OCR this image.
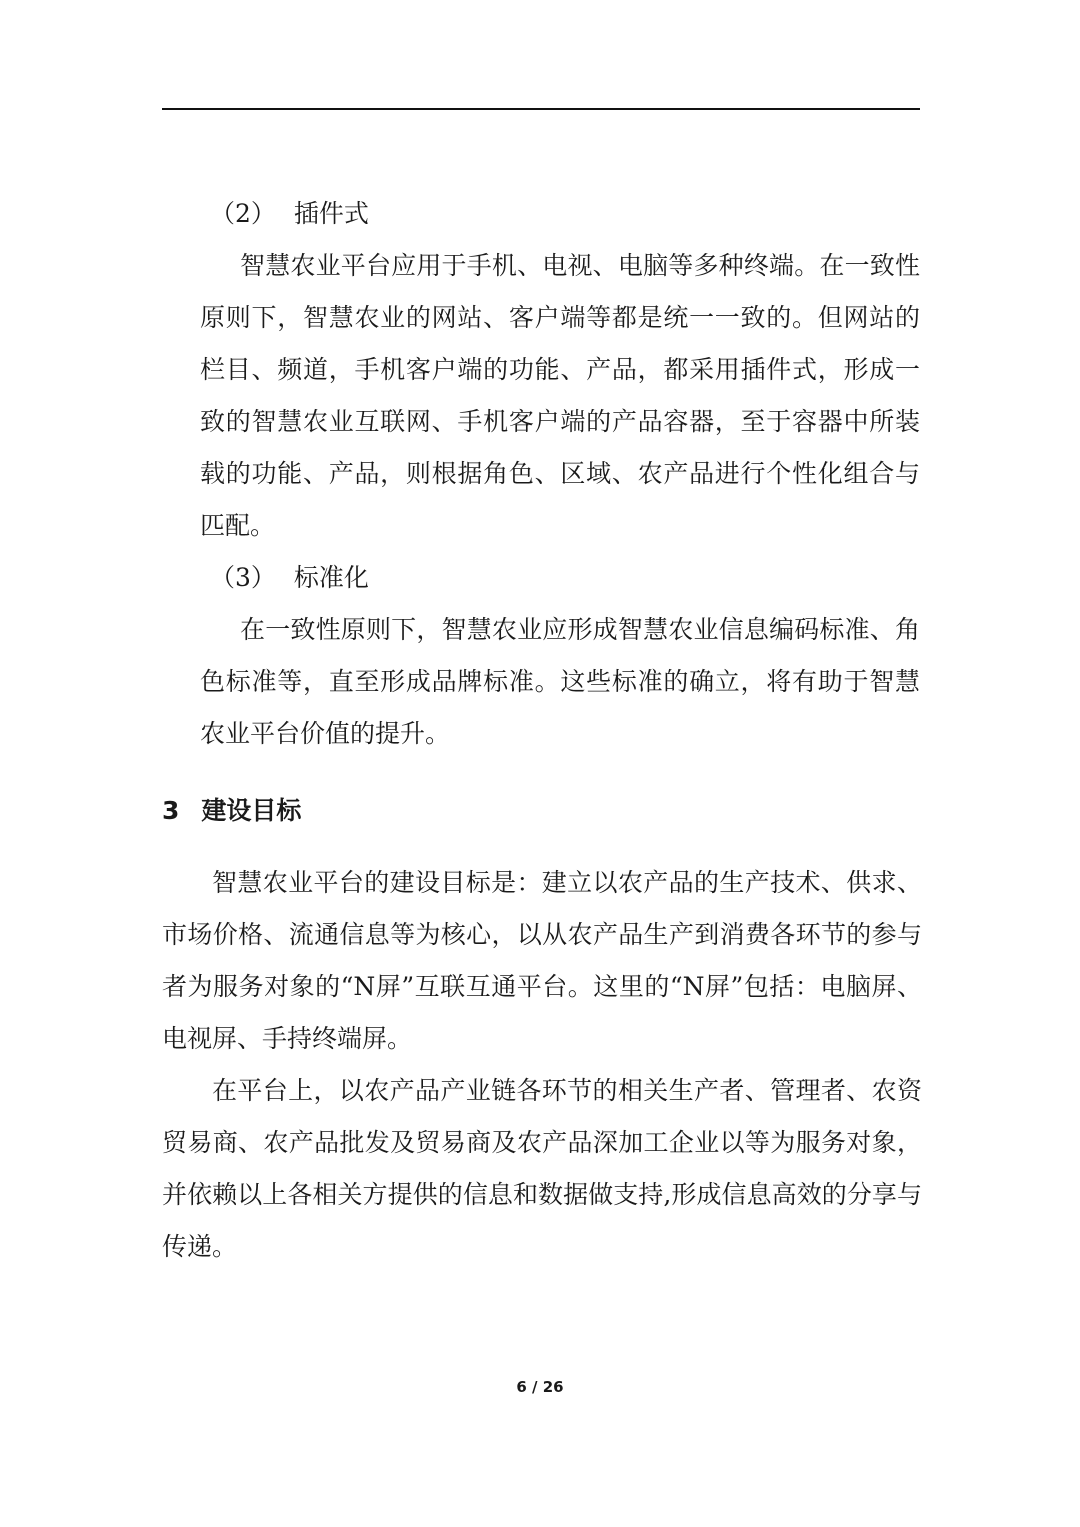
（2） 插件式

智慧农业平台应用于手机、电视、电脑等多种终端。在一致性原则下，智慧农业的网站、客户端等都是统一一致的。但网站的栏目、频道，手机客户端的功能、产品，都采用插件式，形成一致的智慧农业互联网、手机客户端的产品容器，至于容器中所装载的功能、产品，则根据角色、区域、农产品进行个性化组合与匹配。

（3） 标准化

在一致性原则下，智慧农业应形成智慧农业信息编码标准、角色标准等，直至形成品牌标准。这些标准的确立，将有助于智慧农业平台价值的提升。

3 建设目标

智慧农业平台的建设目标是：建立以农产品的生产技术、供求、市场价格、流通信息等为核心，以从农产品生产到消费各环节的参与者为服务对象的“N屏”互联互通平台。这里的“N屏”包括：电脑屏、电视屏、手持终端屏。

在平台上，以农产品产业链各环节的相关生产者、管理者、农资贸易商、农产品批发及贸易商及农产品深加工企业以等为服务对象，并依赖以上各相关方提供的信息和数据做支持,形成信息高效的分享与传递。

6 / 26
